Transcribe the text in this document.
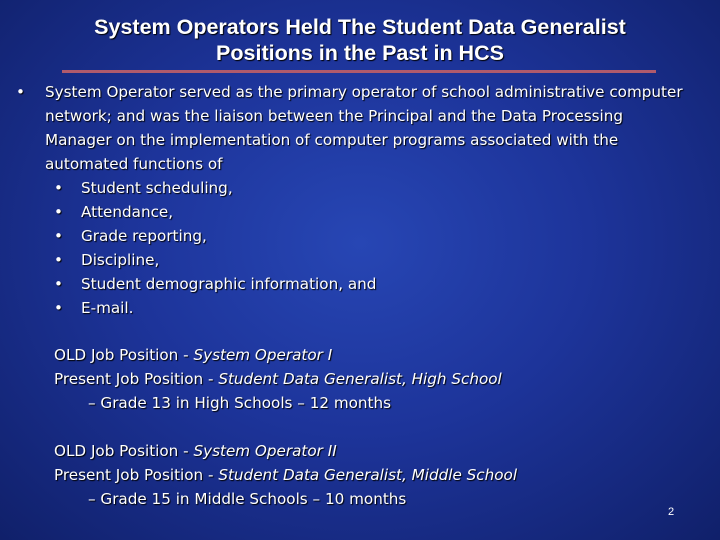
System Operators Held The Student Data Generalist
Positions in the Past in HCS
• System Operator served as the primary operator of school administrative computer network; and was the liaison between the Principal and the Data Processing Manager on the implementation of computer programs associated with the automated functions of
• Student scheduling,
• Attendance,
• Grade reporting,
• Discipline,
• Student demographic information, and
• E-mail.
OLD Job Position - System Operator I
Present Job Position - Student Data Generalist, High School
– Grade 13 in High Schools – 12 months
OLD Job Position - System Operator II
Present Job Position - Student Data Generalist, Middle School
– Grade 15 in Middle Schools – 10 months
2
